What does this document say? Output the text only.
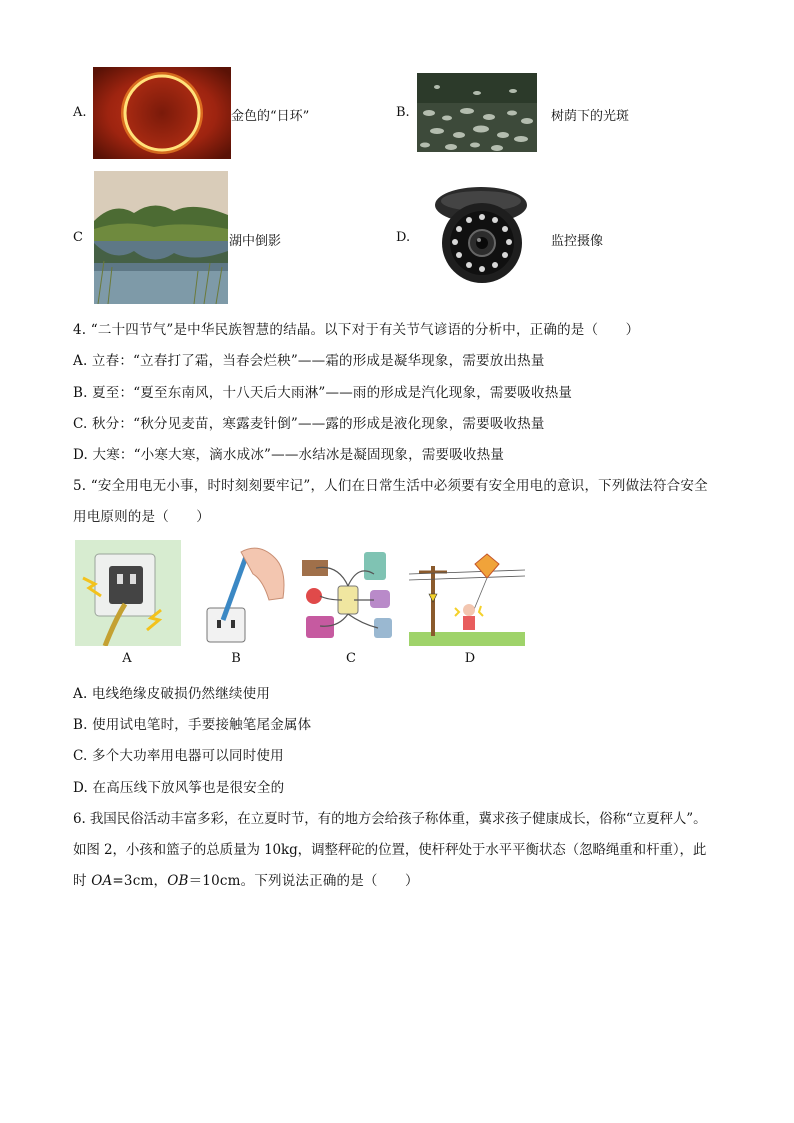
A.	金色的“日环”	B.	树荫下的光斑
C	湖中倒影	D.	监控摄像
4. “二十四节气”是中华民族智慧的结晶。以下对于有关节气谚语的分析中，正确的是（　　）
A. 立春：“立春打了霜，当春会烂秧”——霜的形成是凝华现象，需要放出热量
B. 夏至：“夏至东南风，十八天后大雨淋”——雨的形成是汽化现象，需要吸收热量
C. 秋分：“秋分见麦苗，寒露麦针倒”——露的形成是液化现象，需要吸收热量
D. 大寒：“小寒大寒，滴水成冰”——水结冰是凝固现象，需要吸收热量
5. “安全用电无小事，时时刻刻要牢记”，人们在日常生活中必须要有安全用电的意识，下列做法符合安全
用电原则的是（　　）
A	B	C	D
A. 电线绝缘皮破损仍然继续使用
B. 使用试电笔时，手要接触笔尾金属体
C. 多个大功率用电器可以同时使用
D. 在高压线下放风筝也是很安全的
6. 我国民俗活动丰富多彩，在立夏时节，有的地方会给孩子称体重，冀求孩子健康成长，俗称“立夏秤人”。
如图 2，小孩和篮子的总质量为 10kg，调整秤砣的位置，使杆秤处于水平平衡状态（忽略绳重和杆重），此
时 OA=3cm，OB＝10cm。下列说法正确的是（　　）
